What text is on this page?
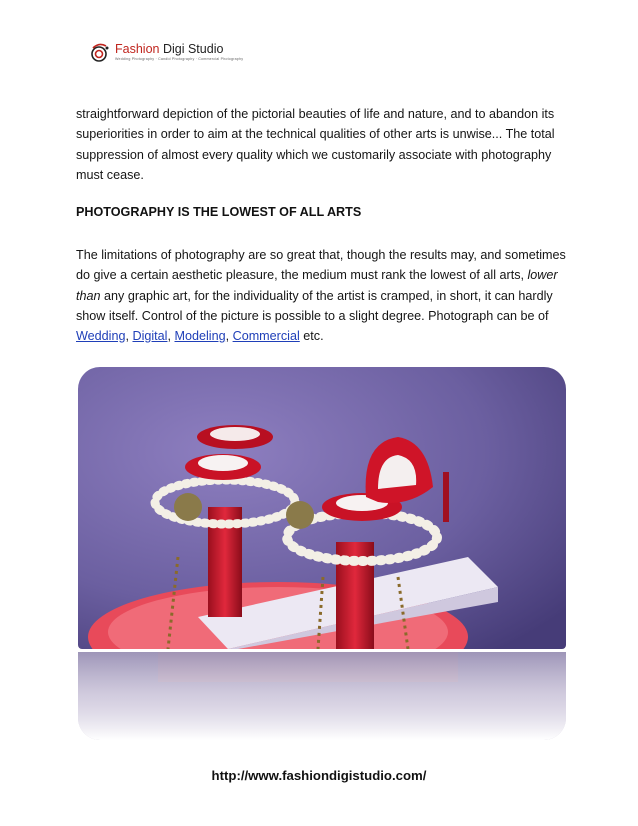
Fashion Digi Studio
Wedding Photography · Candid Photography · Commercial Photography

straightforward depiction of the pictorial beauties of life and nature, and to abandon its superiorities in order to aim at the technical qualities of other arts is unwise... The total suppression of almost every quality which we customarily associate with photography must cease.

PHOTOGRAPHY IS THE LOWEST OF ALL ARTS

The limitations of photography are so great that, though the results may, and sometimes do give a certain aesthetic pleasure, the medium must rank the lowest of all arts, lower than any graphic art, for the individuality of the artist is cramped, in short, it can hardly show itself. Control of the picture is possible to a slight degree. Photograph can be of Wedding, Digital, Modeling, Commercial etc.

http://www.fashiondigistudio.com/
